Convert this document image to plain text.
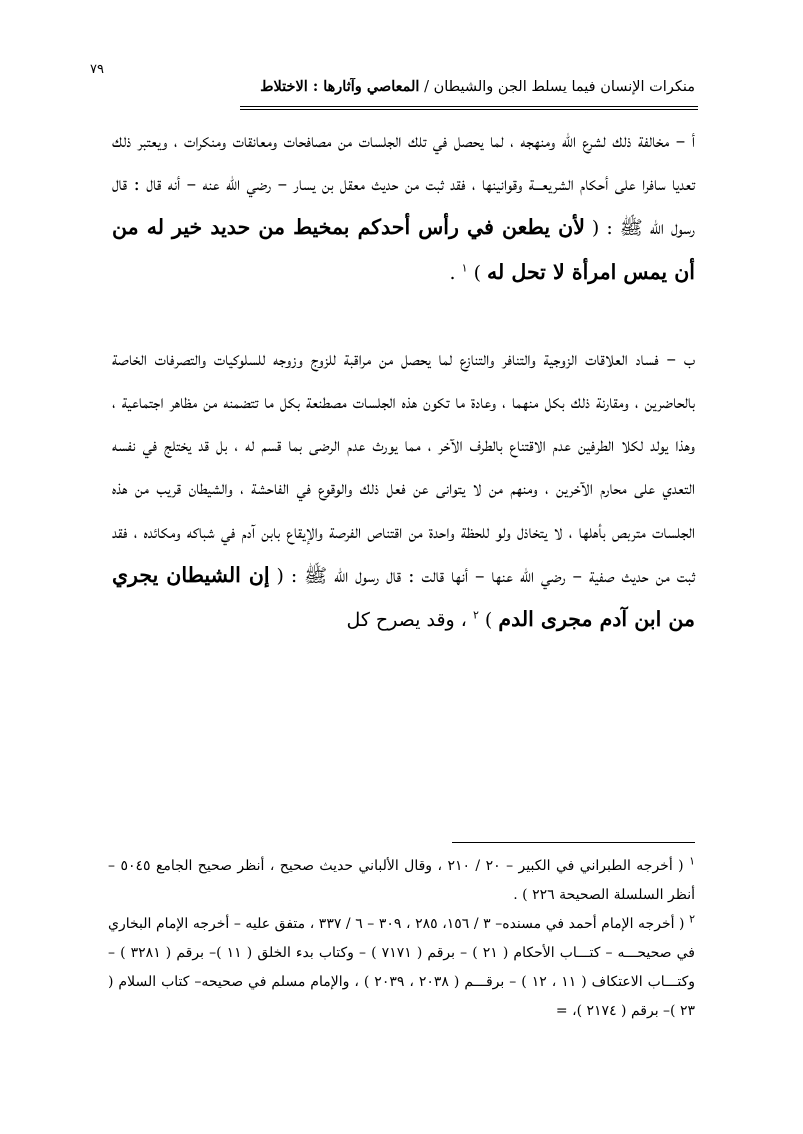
٧٩
منكرات الإنسان فيما يسلط الجن والشيطان / المعاصي وآثارها : الاختلاط

أ – مخالفة ذلك لشرع الله ومنهجه ، لما يحصل في تلك الجلسات من مصافحات ومعانقات ومنكرات ، ويعتبر ذلك تعديا سافرا على أحكام الشريعـــة وقوانينها ، فقد ثبت من حديث معقل بن يسار – رضي الله عنه – أنه قال : قال رسول الله ﷺ : ( لأن يطعن في رأس أحدكم بمخيط من حديد خير له من أن يمس امرأة لا تحل له ) $^١$ .

ب – فساد العلاقات الزوجية والتنافر والتنازع لما يحصل من مراقبة للزوج وزوجه للسلوكيات والتصرفات الخاصة بالحاضرين ، ومقارنة ذلك بكل منهما ، وعادة ما تكون هذه الجلسات مصطنعة بكل ما تتضمنه من مظاهر اجتماعية ، وهذا يولد لكلا الطرفين عدم الاقتناع بالطرف الآخر ، مما يورث عدم الرضى بما قسم له ، بل قد يختلج في نفسه التعدي على محارم الآخرين ، ومنهم من لا يتوانى عن فعل ذلك والوقوع في الفاحشة ، والشيطان قريب من هذه الجلسات متربص بأهلها ، لا يتخاذل ولو للحظة واحدة من اقتناص الفرصة والإيقاع بابن آدم في شباكه ومكائده ، فقد ثبت من حديث صفية – رضي الله عنها – أنها قالت : قال رسول الله ﷺ : ( إن الشيطان يجري من ابن آدم مجرى الدم ) $^٢$ ، وقد يصرح كل

$^١$ ( أخرجه الطبراني في الكبير – ٢٠ / ٢١٠ ، وقال الألباني حديث صحيح ، أنظر صحيح الجامع ٥٠٤٥ – أنظر السلسلة الصحيحة ٢٢٦ ) .

$^٢$ ( أخرجه الإمام أحمد في مسنده– ٣ / ١٥٦، ٢٨٥ ، ٣٠٩ – ٦ / ٣٣٧ ، متفق عليه – أخرجه الإمام البخاري في صحيحـــه – كتـــاب الأحكام ( ٢١ ) – برقم ( ٧١٧١ ) – وكتاب بدء الخلق ( ١١ )– برقم ( ٣٢٨١ ) – وكتـــاب الاعتكاف ( ١١ ، ١٢ ) – برقـــم ( ٢٠٣٨ ، ٢٠٣٩ ) ، والإمام مسلم في صحيحه– كتاب السلام ( ٢٣ )– برقم ( ٢١٧٤ )، =
